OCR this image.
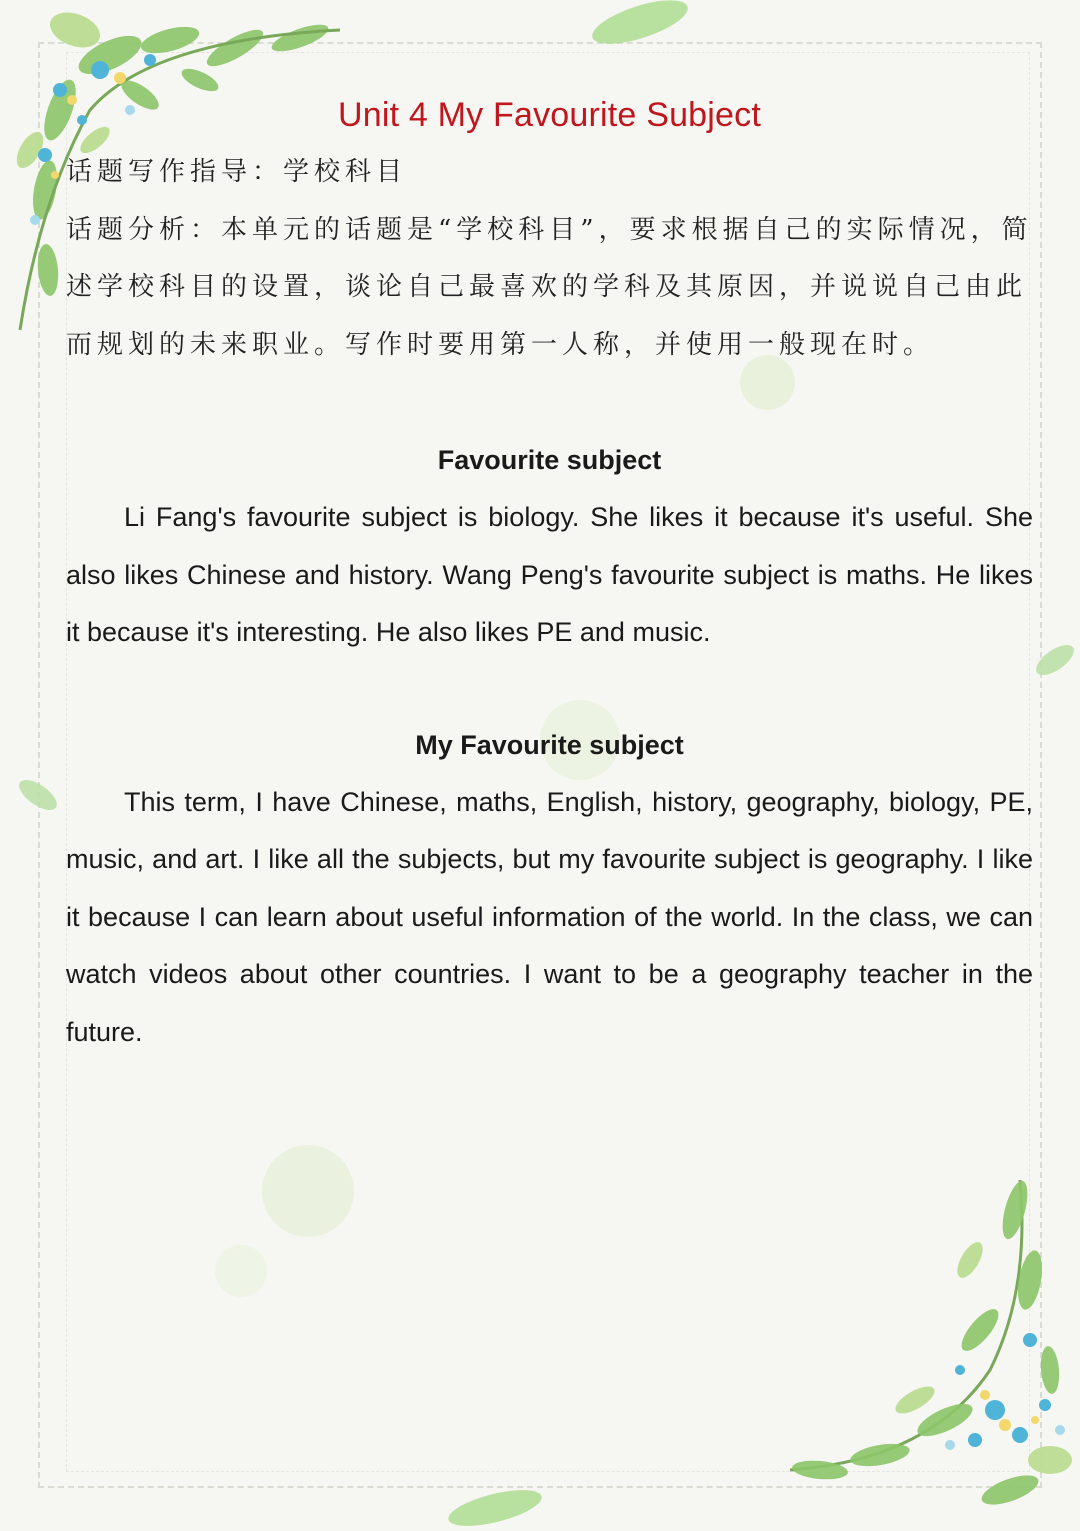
Unit 4 My Favourite Subject

话题写作指导：学校科目

话题分析：本单元的话题是“学校科目”，要求根据自己的实际情况，简述学校科目的设置，谈论自己最喜欢的学科及其原因，并说说自己由此而规划的未来职业。写作时要用第一人称，并使用一般现在时。

Favourite subject

Li Fang's favourite subject is biology. She likes it because it's useful. She also likes Chinese and history. Wang Peng's favourite subject is maths. He likes it because it's interesting. He also likes PE and music.

My Favourite subject

This term, I have Chinese, maths, English, history, geography, biology, PE, music, and art. I like all the subjects, but my favourite subject is geography. I like it because I can learn about useful information of the world. In the class, we can watch videos about other countries. I want to be a geography teacher in the future.
